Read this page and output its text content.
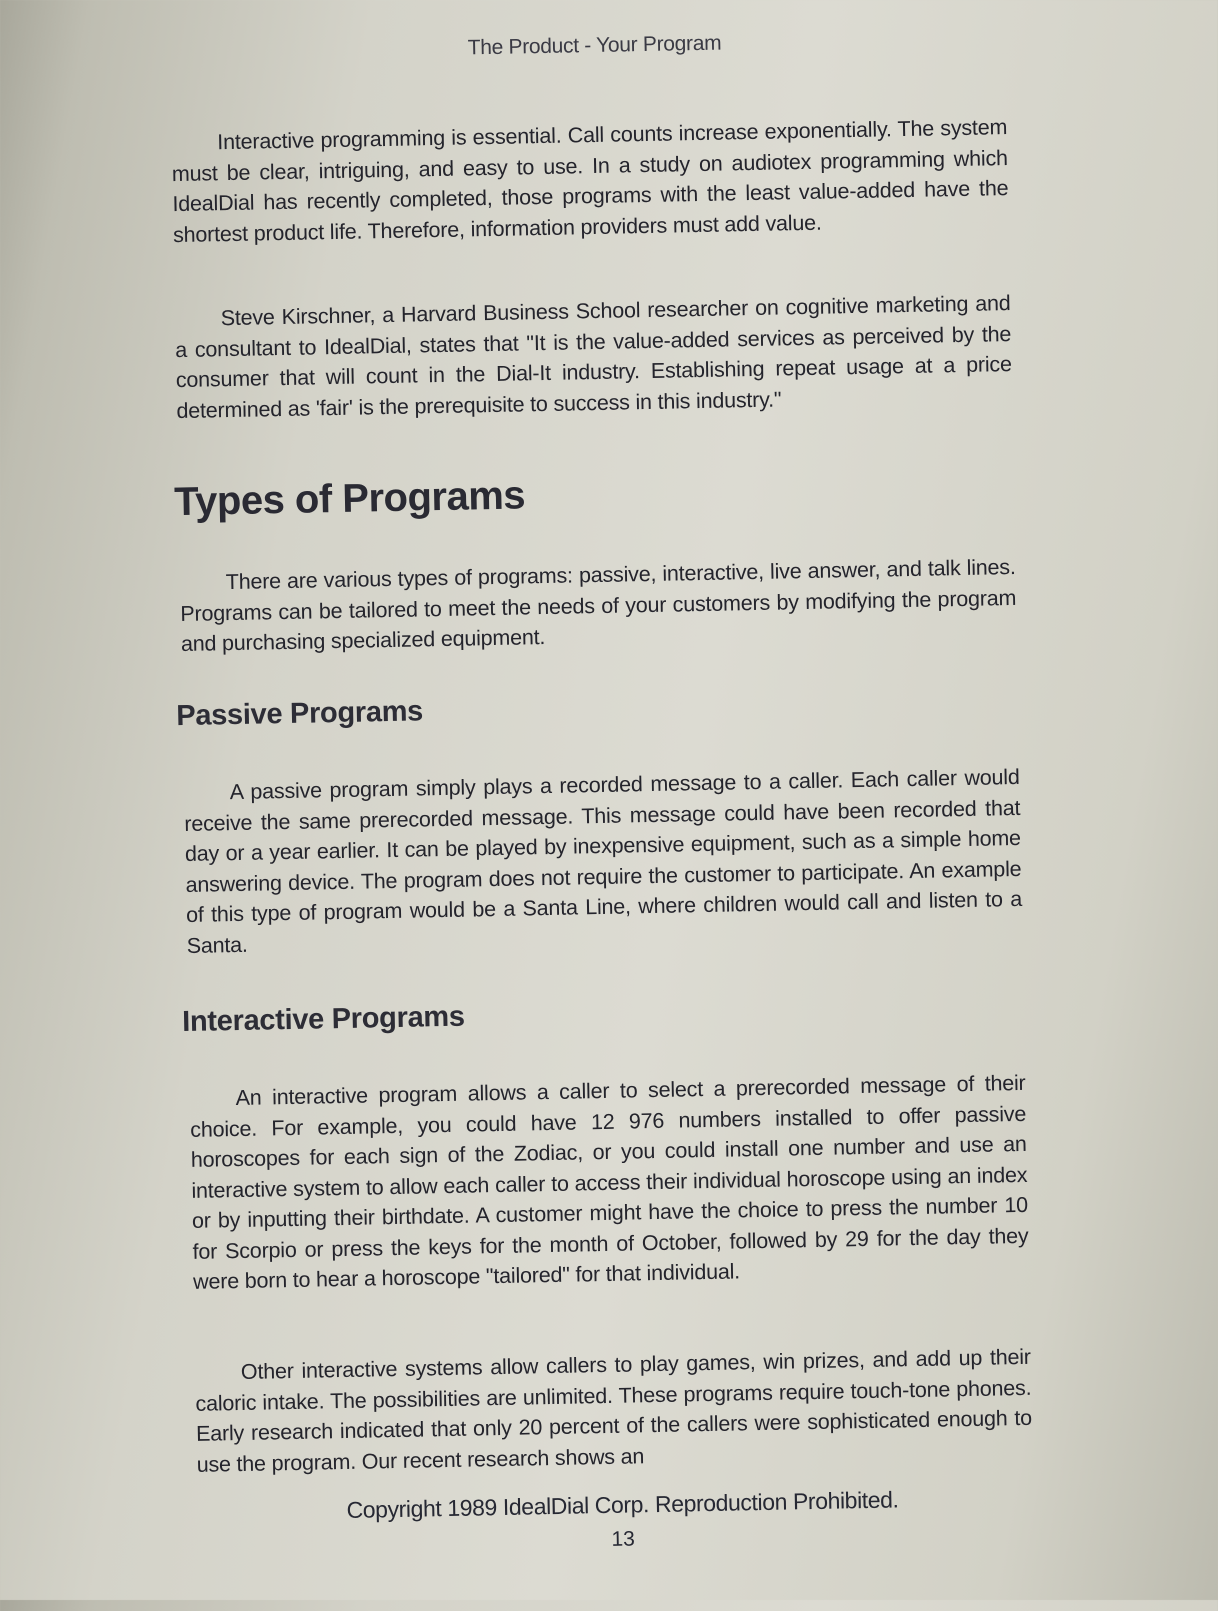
The Product - Your Program

Interactive programming is essential. Call counts increase exponentially. The system must be clear, intriguing, and easy to use. In a study on audiotex programming which IdealDial has recently completed, those programs with the least value-added have the shortest product life. Therefore, information providers must add value.

Steve Kirschner, a Harvard Business School researcher on cognitive marketing and a consultant to IdealDial, states that "It is the value-added services as perceived by the consumer that will count in the Dial-It industry. Establishing repeat usage at a price determined as 'fair' is the prerequisite to success in this industry."

Types of Programs

There are various types of programs: passive, interactive, live answer, and talk lines. Programs can be tailored to meet the needs of your customers by modifying the program and purchasing specialized equipment.

Passive Programs

A passive program simply plays a recorded message to a caller. Each caller would receive the same prerecorded message. This message could have been recorded that day or a year earlier. It can be played by inexpensive equipment, such as a simple home answering device. The program does not require the customer to participate. An example of this type of program would be a Santa Line, where children would call and listen to a Santa.

Interactive Programs

An interactive program allows a caller to select a prerecorded message of their choice. For example, you could have 12 976 numbers installed to offer passive horoscopes for each sign of the Zodiac, or you could install one number and use an interactive system to allow each caller to access their individual horoscope using an index or by inputting their birthdate. A customer might have the choice to press the number 10 for Scorpio or press the keys for the month of October, followed by 29 for the day they were born to hear a horoscope "tailored" for that individual.

Other interactive systems allow callers to play games, win prizes, and add up their caloric intake. The possibilities are unlimited. These programs require touch-tone phones. Early research indicated that only 20 percent of the callers were sophisticated enough to use the program. Our recent research shows an

Copyright 1989 IdealDial Corp. Reproduction Prohibited.
13
